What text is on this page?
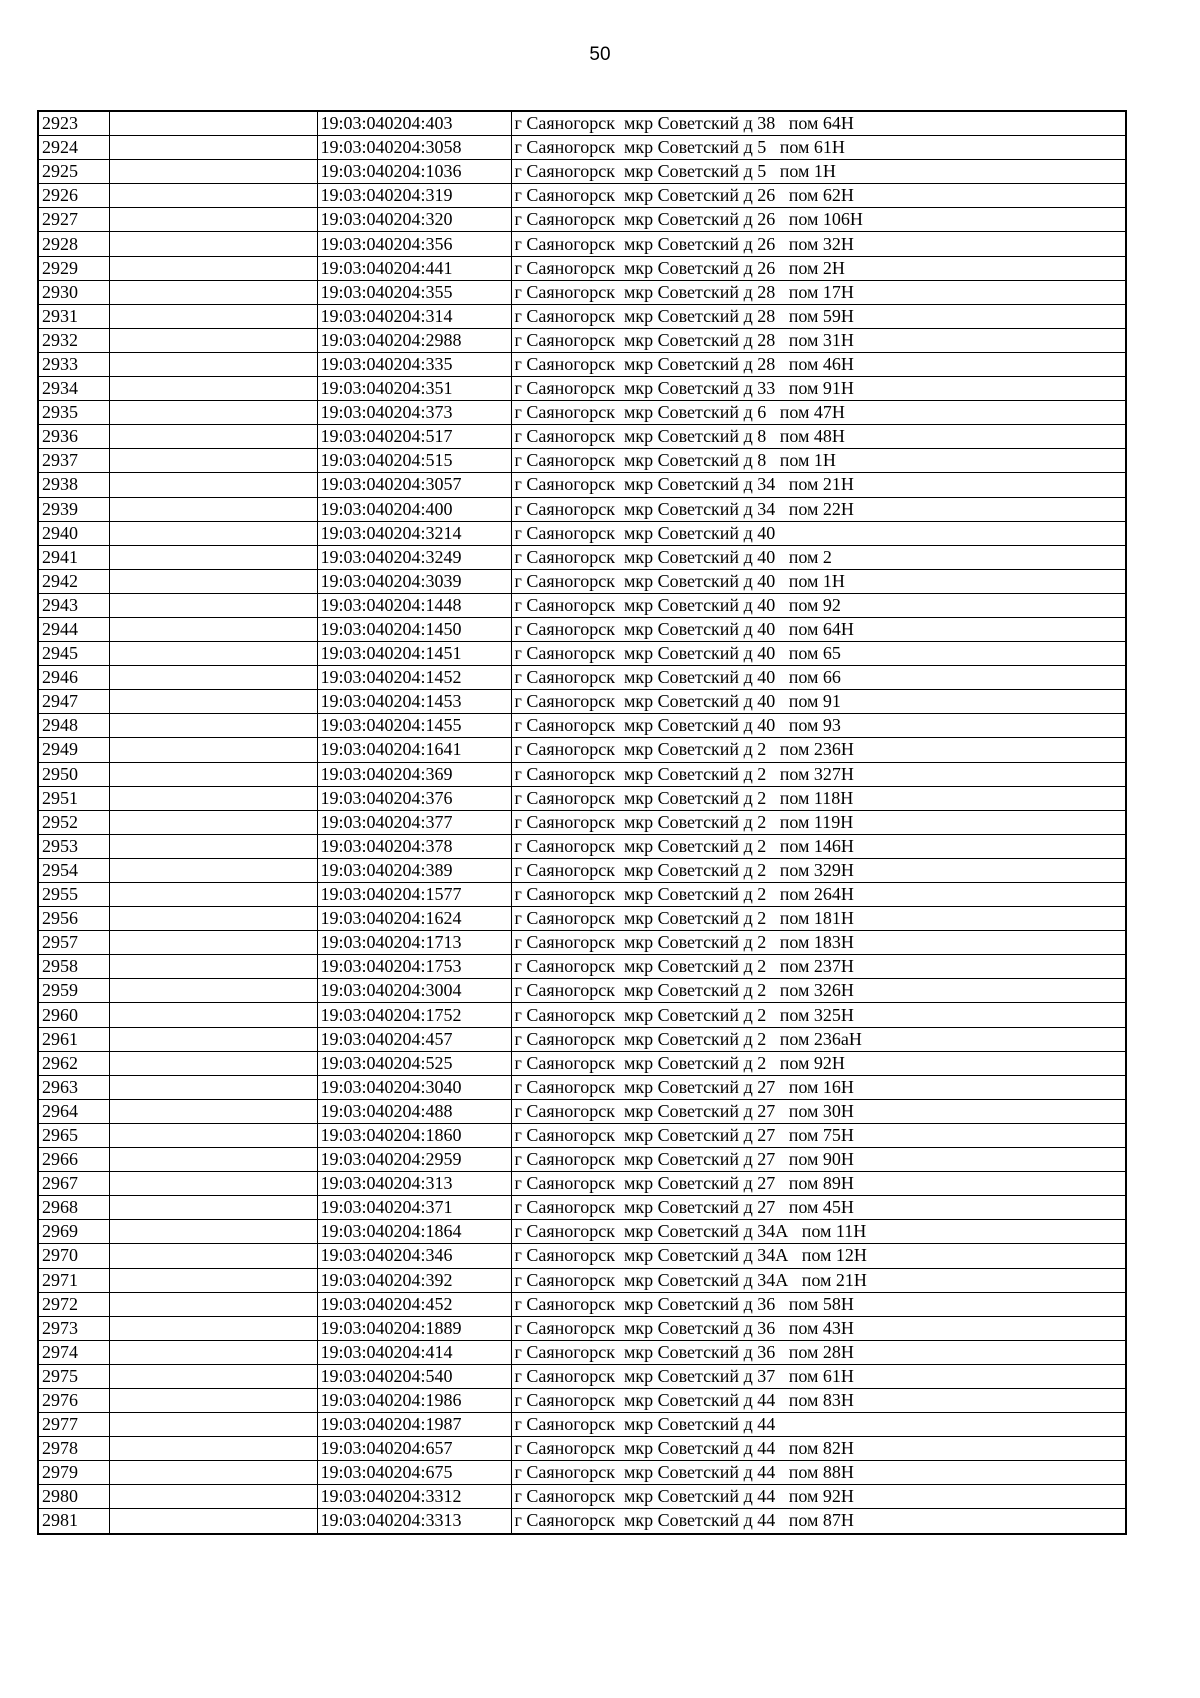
50
2923		19:03:040204:403	г Саяногорск  мкр Советский д 38   пом 64Н
2924		19:03:040204:3058	г Саяногорск  мкр Советский д 5   пом 61Н
2925		19:03:040204:1036	г Саяногорск  мкр Советский д 5   пом 1Н
2926		19:03:040204:319	г Саяногорск  мкр Советский д 26   пом 62Н
2927		19:03:040204:320	г Саяногорск  мкр Советский д 26   пом 106Н
2928		19:03:040204:356	г Саяногорск  мкр Советский д 26   пом 32Н
2929		19:03:040204:441	г Саяногорск  мкр Советский д 26   пом 2Н
2930		19:03:040204:355	г Саяногорск  мкр Советский д 28   пом 17Н
2931		19:03:040204:314	г Саяногорск  мкр Советский д 28   пом 59Н
2932		19:03:040204:2988	г Саяногорск  мкр Советский д 28   пом 31Н
2933		19:03:040204:335	г Саяногорск  мкр Советский д 28   пом 46Н
2934		19:03:040204:351	г Саяногорск  мкр Советский д 33   пом 91Н
2935		19:03:040204:373	г Саяногорск  мкр Советский д 6   пом 47Н
2936		19:03:040204:517	г Саяногорск  мкр Советский д 8   пом 48Н
2937		19:03:040204:515	г Саяногорск  мкр Советский д 8   пом 1Н
2938		19:03:040204:3057	г Саяногорск  мкр Советский д 34   пом 21Н
2939		19:03:040204:400	г Саяногорск  мкр Советский д 34   пом 22Н
2940		19:03:040204:3214	г Саяногорск  мкр Советский д 40
2941		19:03:040204:3249	г Саяногорск  мкр Советский д 40   пом 2
2942		19:03:040204:3039	г Саяногорск  мкр Советский д 40   пом 1Н
2943		19:03:040204:1448	г Саяногорск  мкр Советский д 40   пом 92
2944		19:03:040204:1450	г Саяногорск  мкр Советский д 40   пом 64Н
2945		19:03:040204:1451	г Саяногорск  мкр Советский д 40   пом 65
2946		19:03:040204:1452	г Саяногорск  мкр Советский д 40   пом 66
2947		19:03:040204:1453	г Саяногорск  мкр Советский д 40   пом 91
2948		19:03:040204:1455	г Саяногорск  мкр Советский д 40   пом 93
2949		19:03:040204:1641	г Саяногорск  мкр Советский д 2   пом 236Н
2950		19:03:040204:369	г Саяногорск  мкр Советский д 2   пом 327Н
2951		19:03:040204:376	г Саяногорск  мкр Советский д 2   пом 118Н
2952		19:03:040204:377	г Саяногорск  мкр Советский д 2   пом 119Н
2953		19:03:040204:378	г Саяногорск  мкр Советский д 2   пом 146Н
2954		19:03:040204:389	г Саяногорск  мкр Советский д 2   пом 329Н
2955		19:03:040204:1577	г Саяногорск  мкр Советский д 2   пом 264Н
2956		19:03:040204:1624	г Саяногорск  мкр Советский д 2   пом 181Н
2957		19:03:040204:1713	г Саяногорск  мкр Советский д 2   пом 183Н
2958		19:03:040204:1753	г Саяногорск  мкр Советский д 2   пом 237Н
2959		19:03:040204:3004	г Саяногорск  мкр Советский д 2   пом 326Н
2960		19:03:040204:1752	г Саяногорск  мкр Советский д 2   пом 325Н
2961		19:03:040204:457	г Саяногорск  мкр Советский д 2   пом 236аН
2962		19:03:040204:525	г Саяногорск  мкр Советский д 2   пом 92Н
2963		19:03:040204:3040	г Саяногорск  мкр Советский д 27   пом 16Н
2964		19:03:040204:488	г Саяногорск  мкр Советский д 27   пом 30Н
2965		19:03:040204:1860	г Саяногорск  мкр Советский д 27   пом 75Н
2966		19:03:040204:2959	г Саяногорск  мкр Советский д 27   пом 90Н
2967		19:03:040204:313	г Саяногорск  мкр Советский д 27   пом 89Н
2968		19:03:040204:371	г Саяногорск  мкр Советский д 27   пом 45Н
2969		19:03:040204:1864	г Саяногорск  мкр Советский д 34А   пом 11Н
2970		19:03:040204:346	г Саяногорск  мкр Советский д 34А   пом 12Н
2971		19:03:040204:392	г Саяногорск  мкр Советский д 34А   пом 21Н
2972		19:03:040204:452	г Саяногорск  мкр Советский д 36   пом 58Н
2973		19:03:040204:1889	г Саяногорск  мкр Советский д 36   пом 43Н
2974		19:03:040204:414	г Саяногорск  мкр Советский д 36   пом 28Н
2975		19:03:040204:540	г Саяногорск  мкр Советский д 37   пом 61Н
2976		19:03:040204:1986	г Саяногорск  мкр Советский д 44   пом 83Н
2977		19:03:040204:1987	г Саяногорск  мкр Советский д 44
2978		19:03:040204:657	г Саяногорск  мкр Советский д 44   пом 82Н
2979		19:03:040204:675	г Саяногорск  мкр Советский д 44   пом 88Н
2980		19:03:040204:3312	г Саяногорск  мкр Советский д 44   пом 92Н
2981		19:03:040204:3313	г Саяногорск  мкр Советский д 44   пом 87Н
